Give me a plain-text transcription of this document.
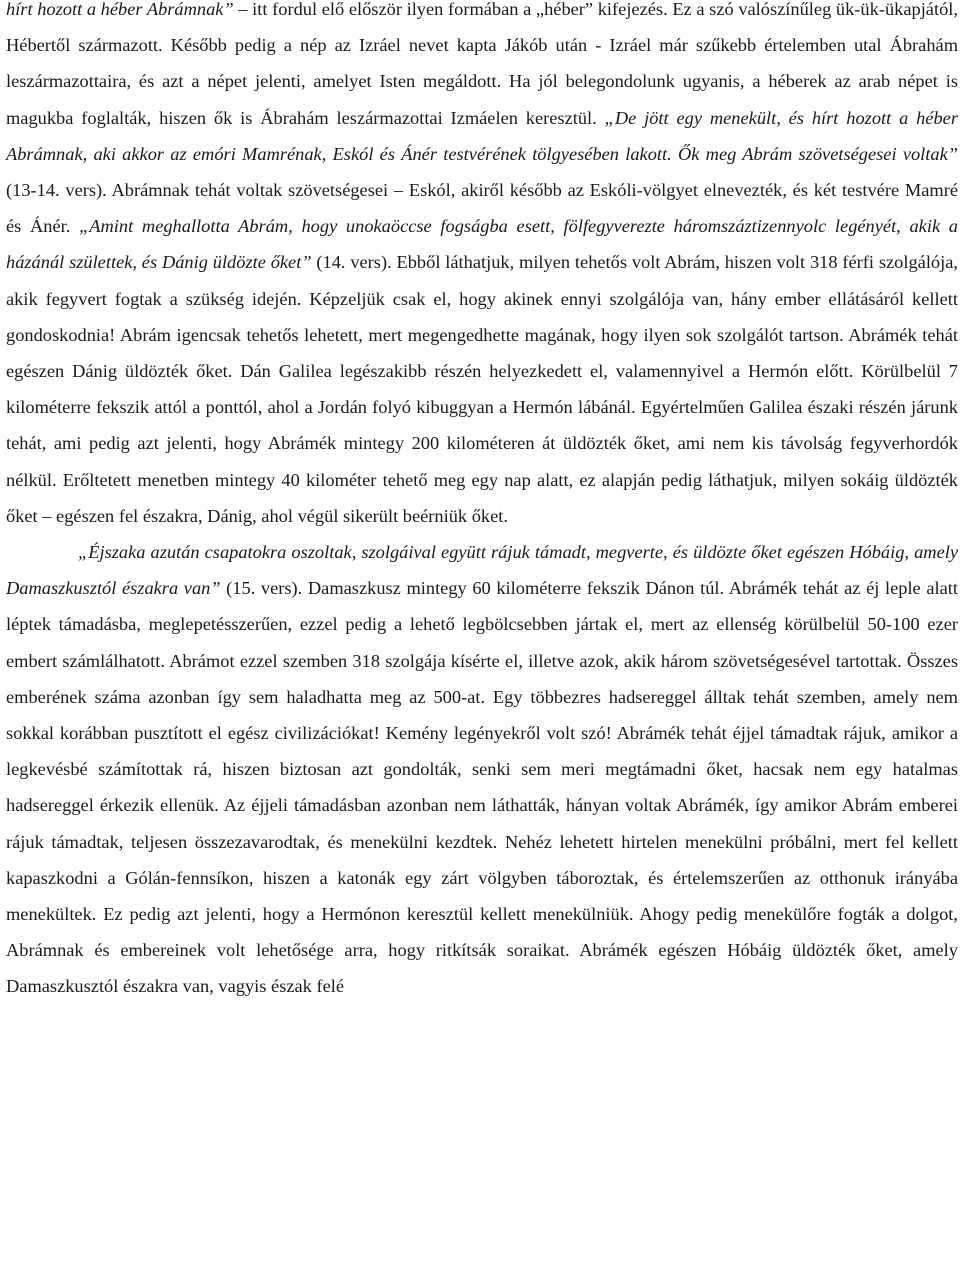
hírt hozott a héber Abrámnak” – itt fordul elő először ilyen formában a „héber” kifejezés. Ez a szó valószínűleg ük-ük-ükapjától, Hébertől származott. Később pedig a nép az Izráel nevet kapta Jákób után - Izráel már szűkebb értelemben utal Ábrahám leszármazottaira, és azt a népet jelenti, amelyet Isten megáldott. Ha jól belegondolunk ugyanis, a héberek az arab népet is magukba foglalták, hiszen ők is Ábrahám leszármazottai Izmáelen keresztül. „De jött egy menekült, és hírt hozott a héber Abrámnak, aki akkor az emóri Mamrénak, Eskól és Ánér testvérének tölgyesében lakott. Ők meg Abrám szövetségesei voltak” (13-14. vers). Abrámnak tehát voltak szövetségesei – Eskól, akiről később az Eskóli-völgyet elnevezték, és két testvére Mamré és Ánér. „Amint meghallotta Abrám, hogy unokaöccse fogságba esett, fölfegyverezte háromszáztizennyolc legényét, akik a házánál születtek, és Dánig üldözte őket” (14. vers). Ebből láthatjuk, milyen tehetős volt Abrám, hiszen volt 318 férfi szolgálója, akik fegyvert fogtak a szükség idején. Képzeljük csak el, hogy akinek ennyi szolgálója van, hány ember ellátásáról kellett gondoskodnia! Abrám igencsak tehetős lehetett, mert megengedhette magának, hogy ilyen sok szolgálót tartson. Abrámék tehát egészen Dánig üldözték őket. Dán Galilea legészakibb részén helyezkedett el, valamennyivel a Hermón előtt. Körülbelül 7 kilométerre fekszik attól a ponttól, ahol a Jordán folyó kibuggyan a Hermón lábánál. Egyértelműen Galilea északi részén járunk tehát, ami pedig azt jelenti, hogy Abrámék mintegy 200 kilométeren át üldözték őket, ami nem kis távolság fegyverhordók nélkül. Erőltetett menetben mintegy 40 kilométer tehető meg egy nap alatt, ez alapján pedig láthatjuk, milyen sokáig üldözték őket – egészen fel északra, Dánig, ahol végül sikerült beérniük őket.

„Éjszaka azután csapatokra oszoltak, szolgáival együtt rájuk támadt, megverte, és üldözte őket egészen Hóbáig, amely Damaszkusztól északra van” (15. vers). Damaszkusz mintegy 60 kilométerre fekszik Dánon túl. Abrámék tehát az éj leple alatt léptek támadásba, meglepetésszerűen, ezzel pedig a lehető legbölcsebben jártak el, mert az ellenség körülbelül 50-100 ezer embert számlálhatott. Abrámot ezzel szemben 318 szolgája kísérte el, illetve azok, akik három szövetségesével tartottak. Összes emberének száma azonban így sem haladhatta meg az 500-at. Egy többezres hadsereggel álltak tehát szemben, amely nem sokkal korábban pusztított el egész civilizációkat! Kemény legényekről volt szó! Abrámék tehát éjjel támadtak rájuk, amikor a legkevésbé számítottak rá, hiszen biztosan azt gondolták, senki sem meri megtámadni őket, hacsak nem egy hatalmas hadsereggel érkezik ellenük. Az éjjeli támadásban azonban nem láthatták, hányan voltak Abrámék, így amikor Abrám emberei rájuk támadtak, teljesen összezavarodtak, és menekülni kezdtek. Nehéz lehetett hirtelen menekülni próbálni, mert fel kellett kapaszkodni a Gólán-fennsíkon, hiszen a katonák egy zárt völgyben táboroztak, és értelemszerűen az otthonuk irányába menekültek. Ez pedig azt jelenti, hogy a Hermónon keresztül kellett menekülniük. Ahogy pedig menekülőre fogták a dolgot, Abrámnak és embereinek volt lehetősége arra, hogy ritkítsák soraikat. Abrámék egészen Hóbáig üldözték őket, amely Damaszkusztól északra van, vagyis észak felé
